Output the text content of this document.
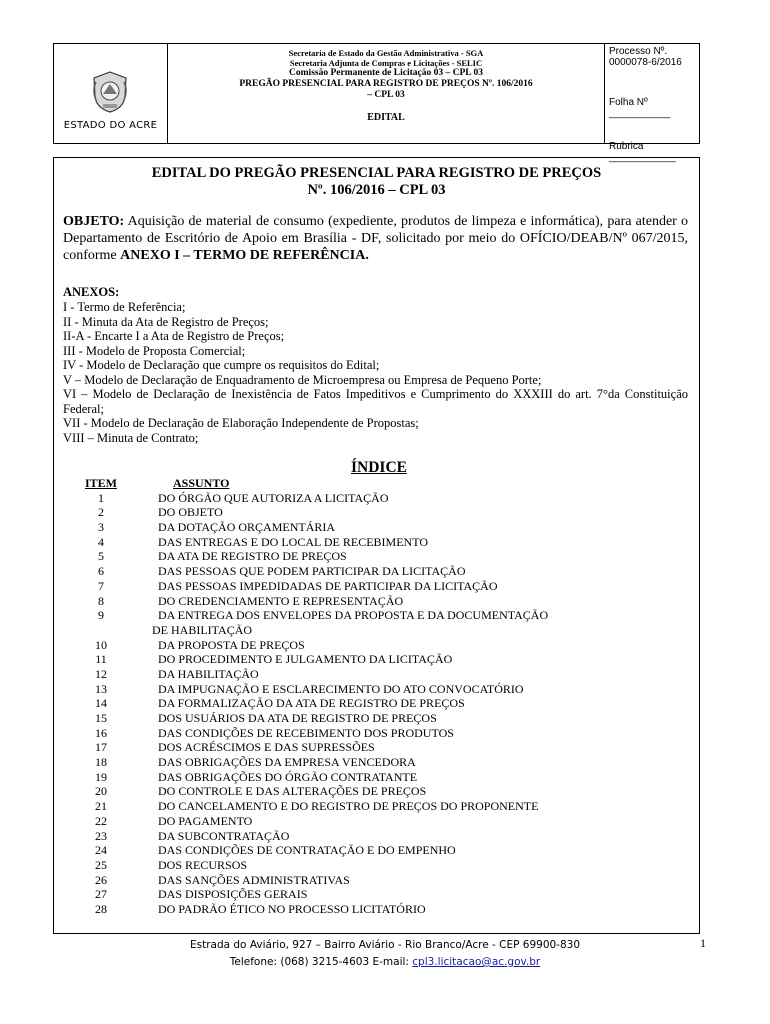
ESTADO DO ACRE
Secretaria de Estado da Gestão Administrativa - SGA
Secretaria Adjunta de Compras e Licitações - SELIC
Comissão Permanente de Licitação 03 – CPL 03
PREGÃO PRESENCIAL PARA REGISTRO DE PREÇOS Nº. 106/2016
– CPL 03
EDITAL
Processo Nº. 0000078-6/2016
Folha Nº ___________
Rubrica ____________
EDITAL DO PREGÃO PRESENCIAL PARA REGISTRO DE PREÇOS
Nº. 106/2016 – CPL 03
OBJETO: Aquisição de material de consumo (expediente, produtos de limpeza e informática), para atender o Departamento de Escritório de Apoio em Brasília - DF, solicitado por meio do OFÍCIO/DEAB/Nº 067/2015, conforme ANEXO I – TERMO DE REFERÊNCIA.
ANEXOS:
I - Termo de Referência;
II - Minuta da Ata de Registro de Preços;
II-A - Encarte I a Ata de Registro de Preços;
III - Modelo de Proposta Comercial;
IV - Modelo de Declaração que cumpre os requisitos do Edital;
V – Modelo de Declaração de Enquadramento de Microempresa ou Empresa de Pequeno Porte;
VI – Modelo de Declaração de Inexistência de Fatos Impeditivos e Cumprimento do XXXIII do art. 7°da Constituição Federal;
VII - Modelo de Declaração de Elaboração Independente de Propostas;
VIII – Minuta de Contrato;
ÍNDICE
ITEM	ASSUNTO
1	DO ÓRGÃO QUE AUTORIZA A LICITAÇÃO
2	DO OBJETO
3	DA DOTAÇÃO ORÇAMENTÁRIA
4	DAS ENTREGAS E DO LOCAL DE RECEBIMENTO
5	DA ATA DE REGISTRO DE PREÇOS
6	DAS PESSOAS QUE PODEM PARTICIPAR DA LICITAÇÃO
7	DAS PESSOAS IMPEDIDADAS DE PARTICIPAR DA LICITAÇÃO
8	DO CREDENCIAMENTO E REPRESENTAÇÃO
9	DA ENTREGA DOS ENVELOPES DA PROPOSTA E DA DOCUMENTAÇÃO
DE HABILITAÇÃO
10	DA PROPOSTA DE PREÇOS
11	DO PROCEDIMENTO E JULGAMENTO DA LICITAÇÃO
12	DA HABILITAÇÃO
13	DA IMPUGNAÇÃO E ESCLARECIMENTO DO ATO CONVOCATÓRIO
14	DA FORMALIZAÇÃO DA ATA DE REGISTRO DE PREÇOS
15	DOS USUÁRIOS DA ATA DE REGISTRO DE PREÇOS
16	DAS CONDIÇÕES DE RECEBIMENTO DOS PRODUTOS
17	DOS ACRÉSCIMOS E DAS SUPRESSÕES
18	DAS OBRIGAÇÕES DA EMPRESA VENCEDORA
19	DAS OBRIGAÇÕES DO ÓRGÃO CONTRATANTE
20	DO CONTROLE E DAS ALTERAÇÕES DE PREÇOS
21	DO CANCELAMENTO E DO REGISTRO DE PREÇOS DO PROPONENTE
22	DO PAGAMENTO
23	DA SUBCONTRATAÇÃO
24	DAS CONDIÇÕES DE CONTRATAÇÃO E DO EMPENHO
25	DOS RECURSOS
26	DAS SANÇÕES ADMINISTRATIVAS
27	DAS DISPOSIÇÕES GERAIS
28	DO PADRÃO ÉTICO NO PROCESSO LICITATÓRIO
1
Estrada do Aviário, 927 – Bairro Aviário - Rio Branco/Acre - CEP 69900-830
Telefone: (068) 3215-4603 E-mail: cpl3.licitacao@ac.gov.br
